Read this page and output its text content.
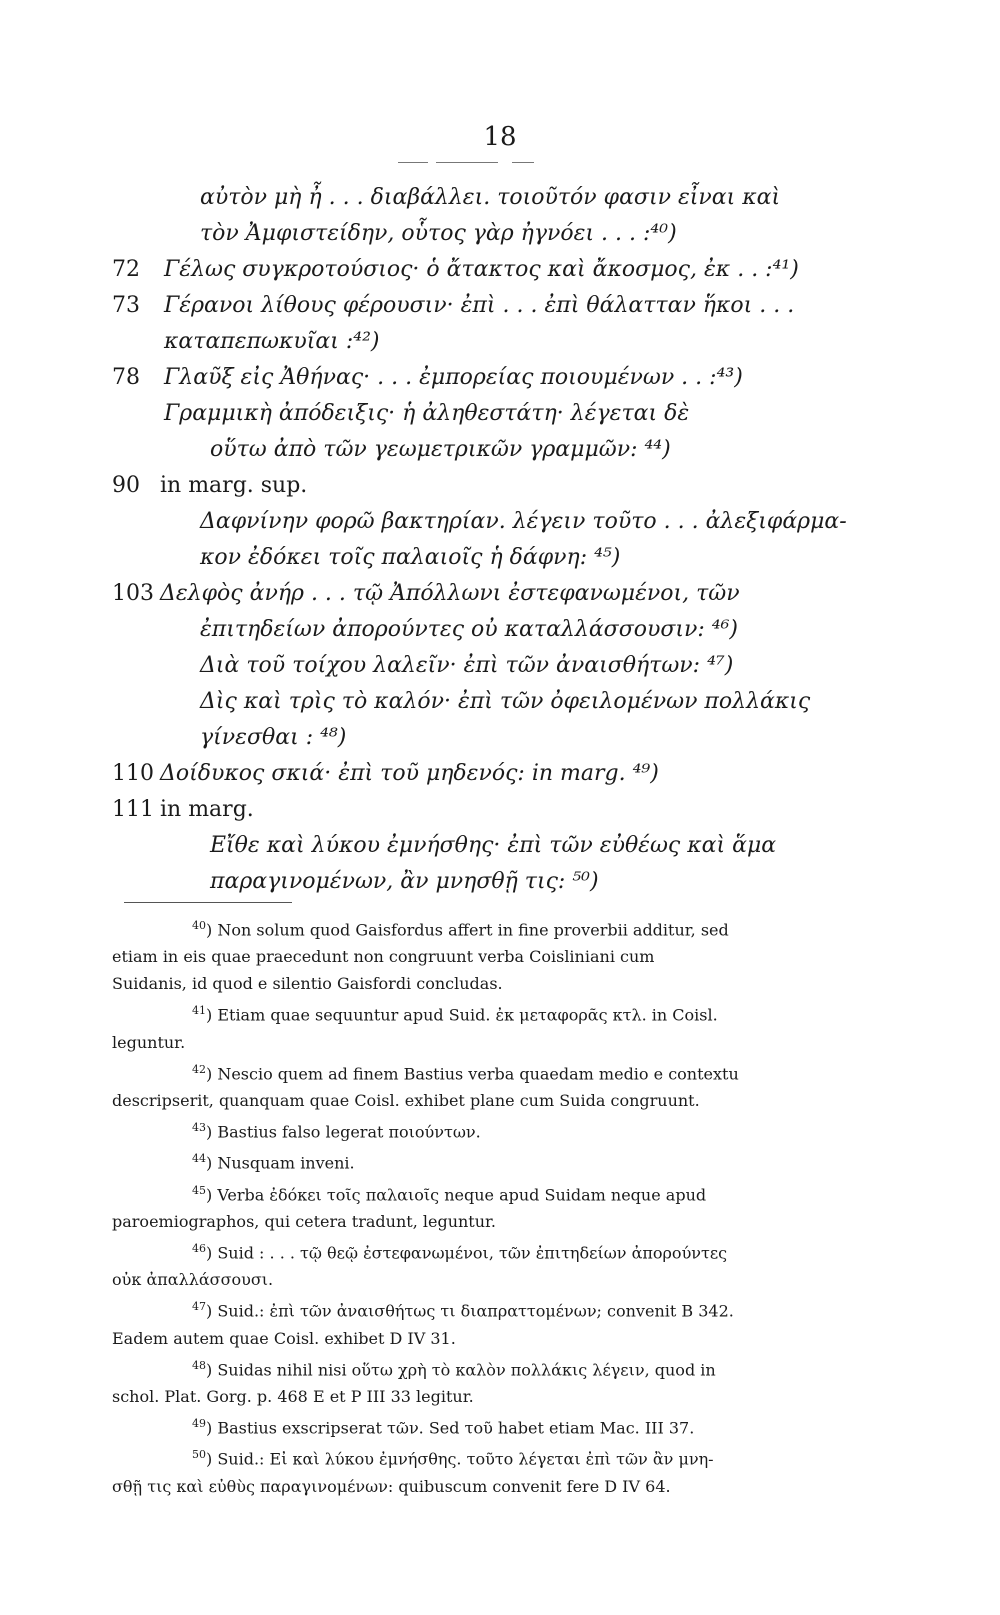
18
αὐτὸν μὴ ἦ . . . διαβάλλει. τοιοῦτόν φασιν εἶναι καὶ
τὸν Ἀμφιστείδην, οὗτος γὰρ ἠγνόει . . . :⁴⁰)
72	Γέλως συγκροτούσιος· ὁ ἄτακτος καὶ ἄκοσμος, ἐκ . . :⁴¹)
73	Γέρανοι λίθους φέρουσιν· ἐπὶ . . . ἐπὶ θάλατταν ἥκοι . . .
καταπεπωκυῖαι :⁴²)
78	Γλαῦξ εἰς Ἀθήνας· . . . ἐμπορείας ποιουμένων . . :⁴³)
Γραμμικὴ ἀπόδειξις· ἡ ἀληθεστάτη· λέγεται δὲ
οὕτω ἀπὸ τῶν γεωμετρικῶν γραμμῶν: ⁴⁴)
90 in marg. sup.
Δαφνίνην φορῶ βακτηρίαν. λέγειν τοῦτο . . . ἀλεξιφάρμα-
κον ἐδόκει τοῖς παλαιοῖς ἡ δάφνη: ⁴⁵)
103 Δελφὸς ἀνήρ . . . τῷ Ἀπόλλωνι ἐστεφανωμένοι, τῶν
ἐπιτηδείων ἀπορούντες οὐ καταλλάσσουσιν: ⁴⁶)
Διὰ τοῦ τοίχου λαλεῖν· ἐπὶ τῶν ἀναισθήτων: ⁴⁷)
Δὶς καὶ τρὶς τὸ καλόν· ἐπὶ τῶν ὀφειλομένων πολλάκις
γίνεσθαι : ⁴⁸)
110 Δοίδυκος σκιά· ἐπὶ τοῦ μηδενός: in marg. ⁴⁹)
111 in marg.
Εἴθε καὶ λύκου ἐμνήσθης· ἐπὶ τῶν εὐθέως καὶ ἅμα
παραγινομένων, ἂν μνησθῇ τις: ⁵⁰)
$^{40}$) Non solum quod Gaisfordus affert in fine proverbii additur, sed
etiam in eis quae praecedunt non congruunt verba Coisliniani cum
Suidanis, id quod e silentio Gaisfordi concludas.
$^{41}$) Etiam quae sequuntur apud Suid. ἐκ μεταφορᾶς κτλ. in Coisl.
leguntur.
$^{42}$) Nescio quem ad finem Bastius verba quaedam medio e contextu
descripserit, quanquam quae Coisl. exhibet plane cum Suida congruunt.
$^{43}$) Bastius falso legerat ποιούντων.
$^{44}$) Nusquam inveni.
$^{45}$) Verba ἐδόκει τοῖς παλαιοῖς neque apud Suidam neque apud
paroemiographos, qui cetera tradunt, leguntur.
$^{46}$) Suid : . . . τῷ θεῷ ἐστεφανωμένοι, τῶν ἐπιτηδείων ἀπορούντες
οὐκ ἀπαλλάσσουσι.
$^{47}$) Suid.: ἐπὶ τῶν ἀναισθήτως τι διαπραττομένων; convenit B 342.
Eadem autem quae Coisl. exhibet D IV 31.
$^{48}$) Suidas nihil nisi οὕτω χρὴ τὸ καλὸν πολλάκις λέγειν, quod in
schol. Plat. Gorg. p. 468 E et P III 33 legitur.
$^{49}$) Bastius exscripserat τῶν. Sed τοῦ habet etiam Mac. III 37.
$^{50}$) Suid.: Εἰ καὶ λύκου ἐμνήσθης. τοῦτο λέγεται ἐπὶ τῶν ἂν μνη-
σθῇ τις καὶ εὐθὺς παραγινομένων: quibuscum convenit fere D IV 64.
